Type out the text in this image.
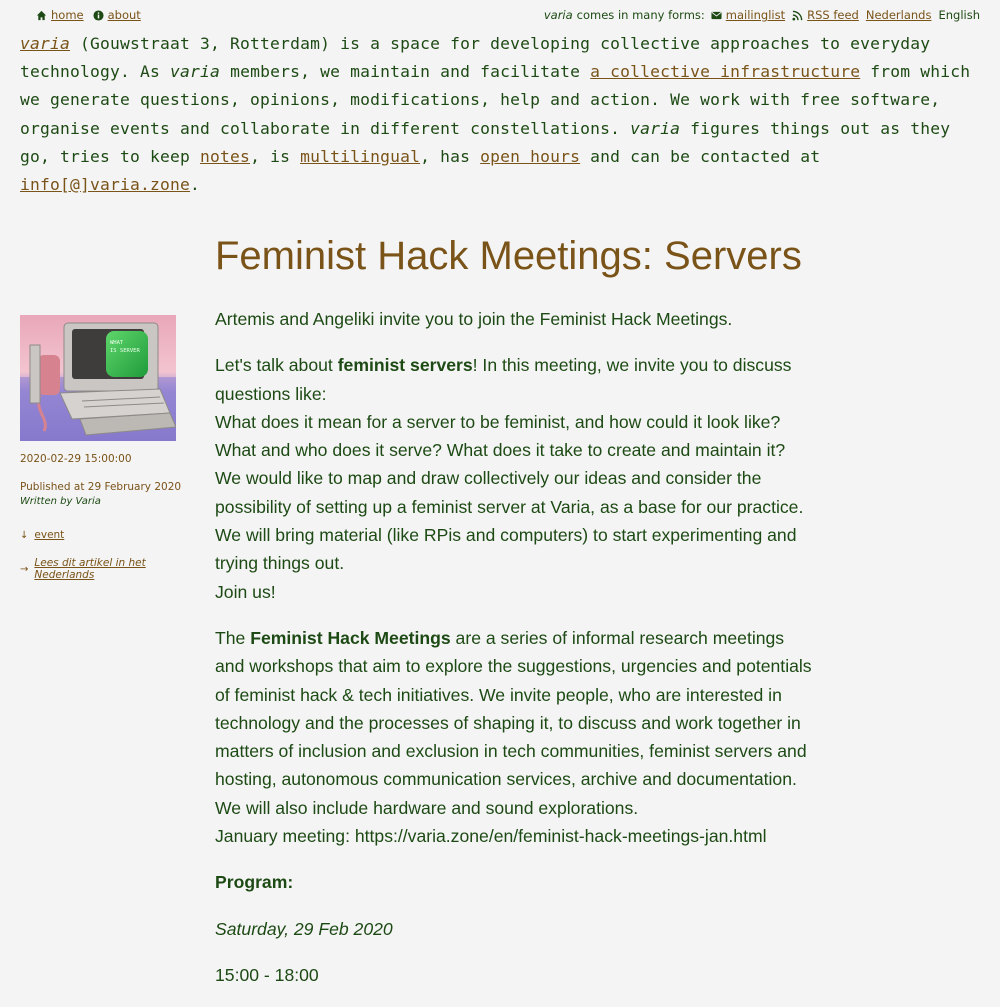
home about	varia comes in many forms: mailinglist RSS feed Nederlands English

varia (Gouwstraat 3, Rotterdam) is a space for developing collective approaches to everyday technology. As varia members, we maintain and facilitate a collective infrastructure from which we generate questions, opinions, modifications, help and action. We work with free software, organise events and collaborate in different constellations. varia figures things out as they go, tries to keep notes, is multilingual, has open hours and can be contacted at info[@]varia.zone.

Feminist Hack Meetings: Servers
WHAT
IS SERVER
2020-02-29 15:00:00
Published at 29 February 2020
Written by Varia
↓ event
→ Lees dit artikel in het Nederlands

Artemis and Angeliki invite you to join the Feminist Hack Meetings.

Let's talk about feminist servers! In this meeting, we invite you to discuss questions like:
What does it mean for a server to be feminist, and how could it look like?
What and who does it serve? What does it take to create and maintain it?
We would like to map and draw collectively our ideas and consider the possibility of setting up a feminist server at Varia, as a base for our practice.
We will bring material (like RPis and computers) to start experimenting and trying things out.
Join us!

The Feminist Hack Meetings are a series of informal research meetings and workshops that aim to explore the suggestions, urgencies and potentials of feminist hack & tech initiatives. We invite people, who are interested in technology and the processes of shaping it, to discuss and work together in matters of inclusion and exclusion in tech communities, feminist servers and hosting, autonomous communication services, archive and documentation.
We will also include hardware and sound explorations.
January meeting: https://varia.zone/en/feminist-hack-meetings-jan.html

Program:

Saturday, 29 Feb 2020

15:00 - 18:00
